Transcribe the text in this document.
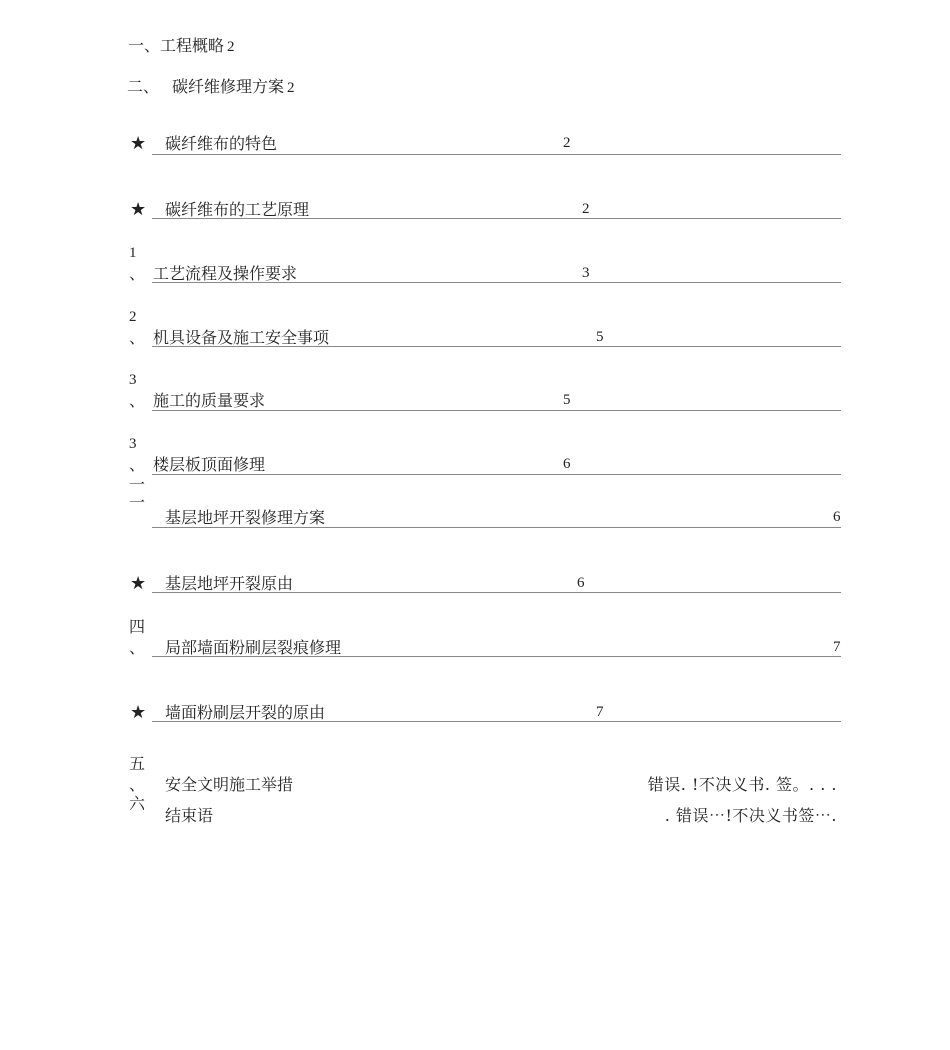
一、工程概略 2
二、 碳纤维修理方案 2
★ 碳纤维布的特色	2
★ 碳纤维布的工艺原理	2
1
、 工艺流程及操作要求	3
2
、 机具设备及施工安全事项	5
3
、 施工的质量要求	5
3
、 楼层板顶面修理	6
一
一
基层地坪开裂修理方案	6
★ 基层地坪开裂原由	6
四
、 局部墙面粉刷层裂痕修理	7
★ 墙面粉刷层开裂的原由	7
五
、 安全文明施工举措	错误. !不决义书. 签。. . .
六
结束语	. 错误⋯!不决义书签⋯.
